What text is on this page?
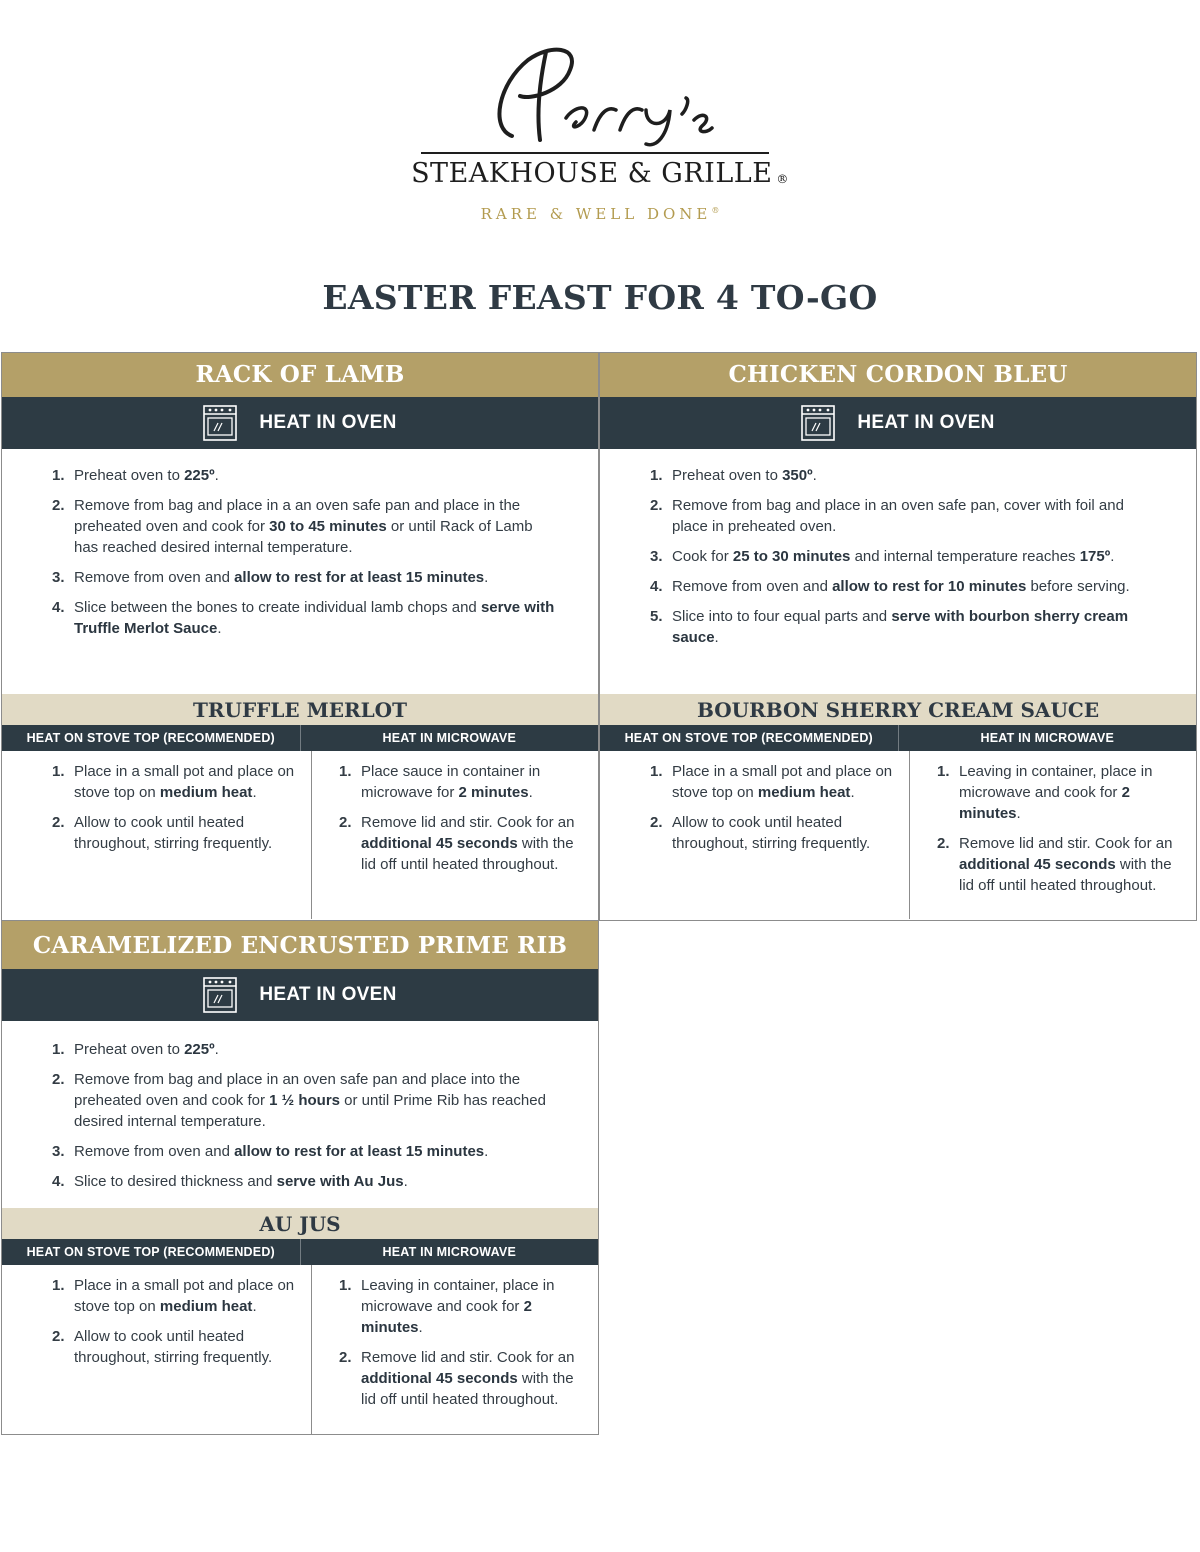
STEAKHOUSE & GRILLE ®
RARE & WELL DONE®
EASTER FEAST FOR 4 TO-GO
RACK OF LAMB
HEAT IN OVEN
1. Preheat oven to 225º.
2. Remove from bag and place in a an oven safe pan and place in the preheated oven and cook for 30 to 45 minutes or until Rack of Lamb has reached desired internal temperature.
3. Remove from oven and allow to rest for at least 15 minutes.
4. Slice between the bones to create individual lamb chops and serve with Truffle Merlot Sauce.
TRUFFLE MERLOT
HEAT ON STOVE TOP (RECOMMENDED)	HEAT IN MICROWAVE
1. Place in a small pot and place on stove top on medium heat.
2. Allow to cook until heated throughout, stirring frequently.
1. Place sauce in container in microwave for 2 minutes.
2. Remove lid and stir. Cook for an additional 45 seconds with the lid off until heated throughout.
CHICKEN CORDON BLEU
HEAT IN OVEN
1. Preheat oven to 350º.
2. Remove from bag and place in an oven safe pan, cover with foil and place in preheated oven.
3. Cook for 25 to 30 minutes and internal temperature reaches 175º.
4. Remove from oven and allow to rest for 10 minutes before serving.
5. Slice into to four equal parts and serve with bourbon sherry cream sauce.
BOURBON SHERRY CREAM SAUCE
HEAT ON STOVE TOP (RECOMMENDED)	HEAT IN MICROWAVE
1. Place in a small pot and place on stove top on medium heat.
2. Allow to cook until heated throughout, stirring frequently.
1. Leaving in container, place in microwave and cook for 2 minutes.
2. Remove lid and stir. Cook for an additional 45 seconds with the lid off until heated throughout.
CARAMELIZED ENCRUSTED PRIME RIB
HEAT IN OVEN
1. Preheat oven to 225º.
2. Remove from bag and place in an oven safe pan and place into the preheated oven and cook for 1 ½ hours or until Prime Rib has reached desired internal temperature.
3. Remove from oven and allow to rest for at least 15 minutes.
4. Slice to desired thickness and serve with Au Jus.
AU JUS
HEAT ON STOVE TOP (RECOMMENDED)	HEAT IN MICROWAVE
1. Place in a small pot and place on stove top on medium heat.
2. Allow to cook until heated throughout, stirring frequently.
1. Leaving in container, place in microwave and cook for 2 minutes.
2. Remove lid and stir. Cook for an additional 45 seconds with the lid off until heated throughout.
